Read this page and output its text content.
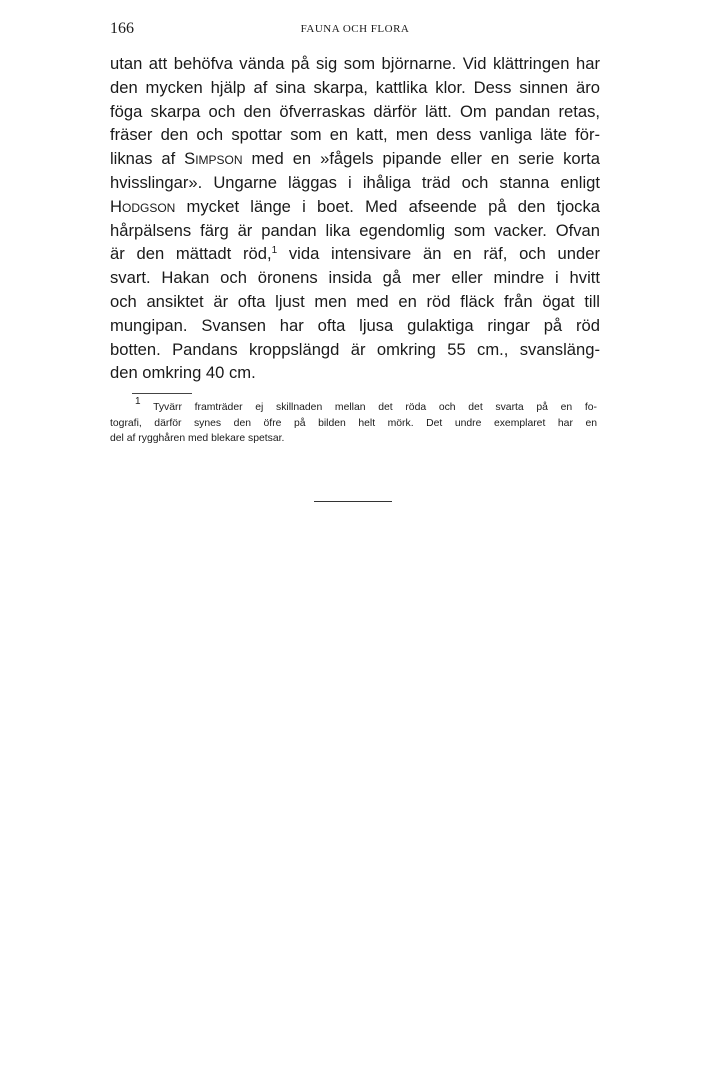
166	FAUNA OCH FLORA

utan att behöfva vända på sig som björnarne. Vid klättringen har
den mycken hjälp af sina skarpa, kattlika klor. Dess sinnen äro
föga skarpa och den öfverraskas därför lätt. Om pandan retas,
fräser den och spottar som en katt, men dess vanliga läte för-
liknas af Simpson med en »fågels pipande eller en serie korta
hvisslingar». Ungarne läggas i ihåliga träd och stanna enligt
Hodgson mycket länge i boet. Med afseende på den tjocka
hårpälsens färg är pandan lika egendomlig som vacker. Ofvan
är den mättadt röd,$^1$ vida intensivare än en räf, och under
svart. Hakan och öronens insida gå mer eller mindre i hvitt
och ansiktet är ofta ljust men med en röd fläck från ögat till
mungipan. Svansen har ofta ljusa gulaktiga ringar på röd
botten. Pandans kroppslängd är omkring 55 cm., svansläng-
den omkring 40 cm.

1 Tyvärr framträder ej skillnaden mellan det röda och det svarta på en fo-
tografi, därför synes den öfre på bilden helt mörk. Det undre exemplaret har en
del af rygghåren med blekare spetsar.
